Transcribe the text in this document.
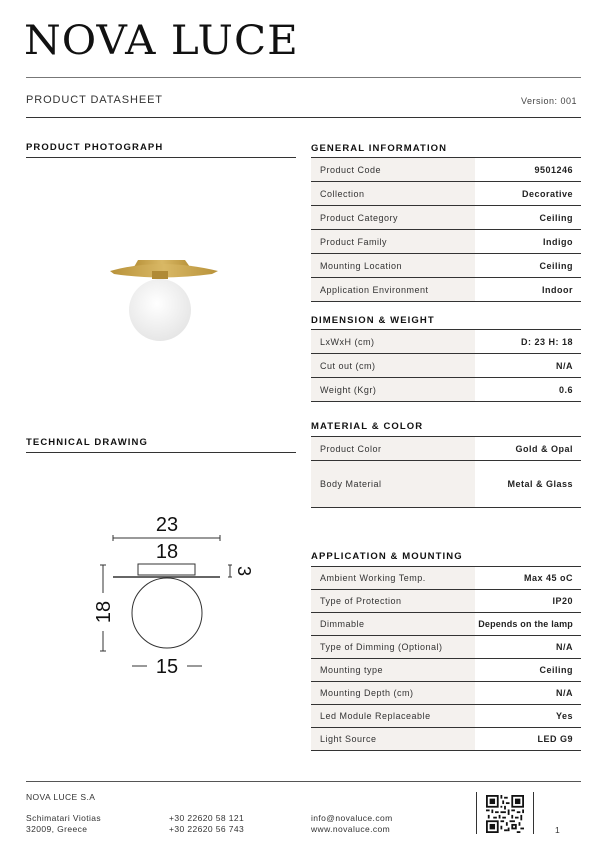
NOVA LUCE
PRODUCT DATASHEET	Version: 001
PRODUCT PHOTOGRAPH
TECHNICAL DRAWING
23
18
15
18
3
GENERAL INFORMATION
Product Code	9501246
Collection	Decorative
Product Category	Ceiling
Product Family	Indigo
Mounting Location	Ceiling
Application Environment	Indoor
DIMENSION & WEIGHT
LxWxH (cm)	D: 23 H: 18
Cut out (cm)	N/A
Weight (Kgr)	0.6
MATERIAL & COLOR
Product Color	Gold & Opal
Body Material	Metal & Glass
APPLICATION & MOUNTING
Ambient Working Temp.	Max 45 oC
Type of Protection	IP20
Dimmable	Depends on the lamp
Type of Dimming (Optional)	N/A
Mounting type	Ceiling
Mounting Depth (cm)	N/A
Led Module Replaceable	Yes
Light Source	LED G9
NOVA LUCE S.A
Schimatari Viotias
32009, Greece
+30 22620 58 121
+30 22620 56 743
info@novaluce.com
www.novaluce.com	1
